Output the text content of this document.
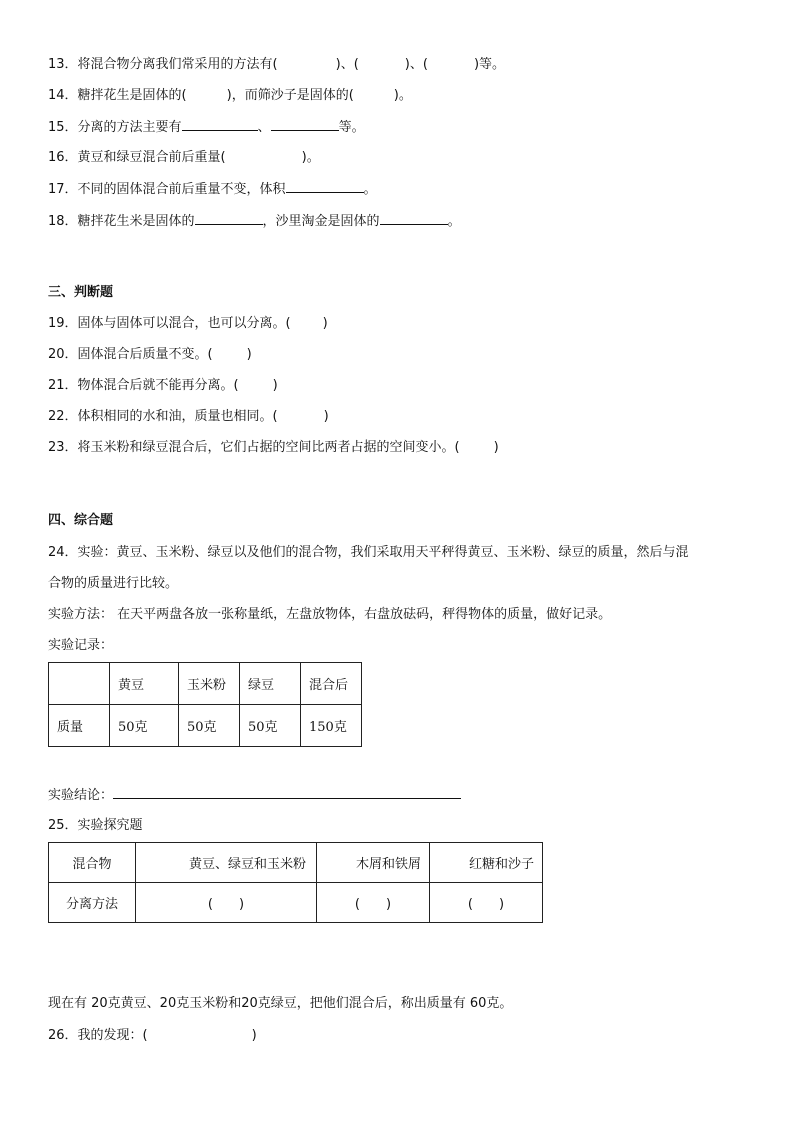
13．将混合物分离我们常采用的方法有(	)、(	)、(	)等。
14．糖拌花生是固体的(	)，而筛沙子是固体的(	)。
15．分离的方法主要有	、	等。
16．黄豆和绿豆混合前后重量(	)。
17．不同的固体混合前后重量不变，体积	。
18．糖拌花生米是固体的	，沙里淘金是固体的	。
三、判断题
19．固体与固体可以混合，也可以分离。( )
20．固体混合后质量不变。(	)
21．物体混合后就不能再分离。(	)
22．体积相同的水和油，质量也相同。(	)
23．将玉米粉和绿豆混合后，它们占据的空间比两者占据的空间变小。(	)
四、综合题
24．实验：黄豆、玉米粉、绿豆以及他们的混合物，我们采取用天平秤得黄豆、玉米粉、绿豆的质量，然后与混
合物的质量进行比较。
实验方法： 在天平两盘各放一张称量纸，左盘放物体，右盘放砝码，秤得物体的质量，做好记录。
实验记录：
	黄豆	玉米粉	绿豆	混合后
质量	50克	50克	50克	150克
实验结论：
25．实验探究题
混合物	黄豆、绿豆和玉米粉	木屑和铁屑	红糖和沙子
分离方法	(　　)	(　　)	(　　)
现在有 20克黄豆、20克玉米粉和20克绿豆，把他们混合后，称出质量有 60克。
26．我的发现：(	)
